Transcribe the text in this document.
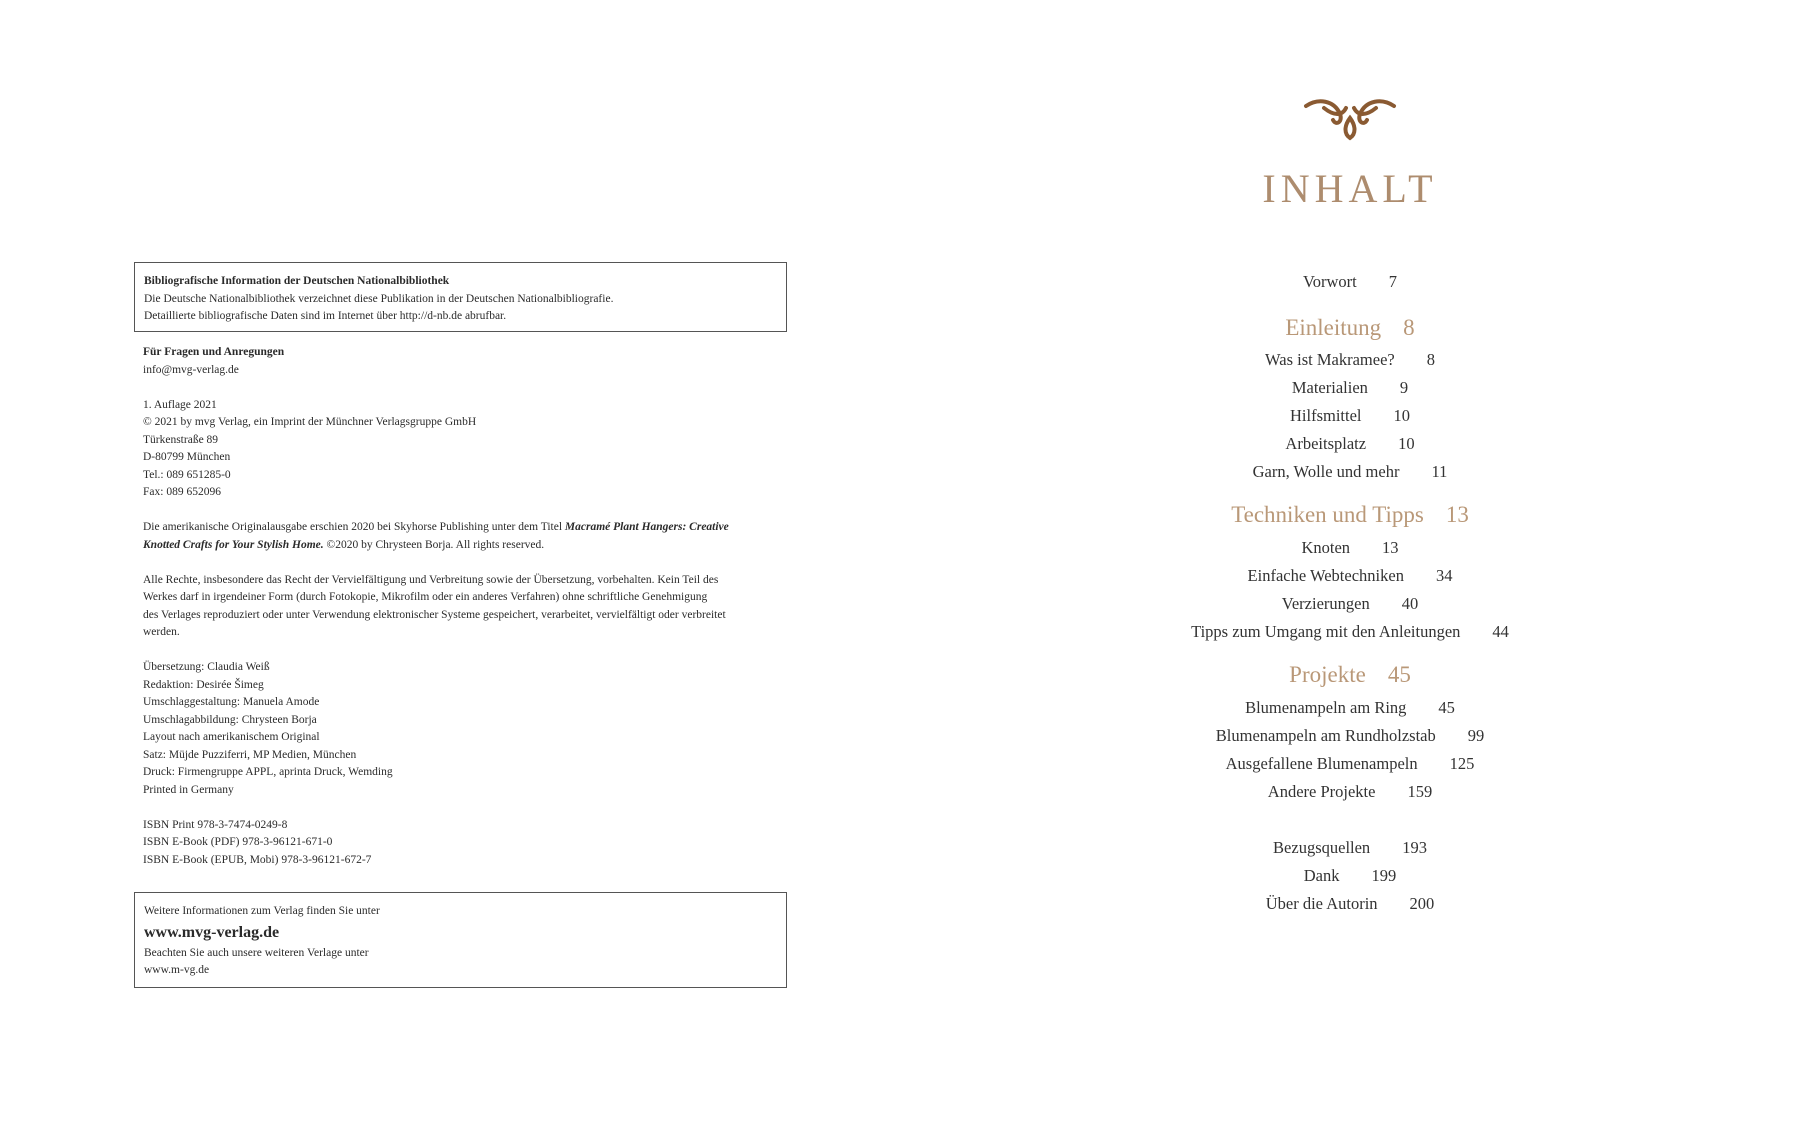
Bibliografische Information der Deutschen Nationalbibliothek
Die Deutsche Nationalbibliothek verzeichnet diese Publikation in der Deutschen Nationalbibliografie.
Detaillierte bibliografische Daten sind im Internet über http://d-nb.de abrufbar.
Für Fragen und Anregungen
info@mvg-verlag.de
1. Auflage 2021
© 2021 by mvg Verlag, ein Imprint der Münchner Verlagsgruppe GmbH
Türkenstraße 89
D-80799 München
Tel.: 089 651285-0
Fax: 089 652096
Die amerikanische Originalausgabe erschien 2020 bei Skyhorse Publishing unter dem Titel Macramé Plant Hangers: Creative
Knotted Crafts for Your Stylish Home. ©2020 by Chrysteen Borja. All rights reserved.
Alle Rechte, insbesondere das Recht der Vervielfältigung und Verbreitung sowie der Übersetzung, vorbehalten. Kein Teil des
Werkes darf in irgendeiner Form (durch Fotokopie, Mikrofilm oder ein anderes Verfahren) ohne schriftliche Genehmigung
des Verlages reproduziert oder unter Verwendung elektronischer Systeme gespeichert, verarbeitet, vervielfältigt oder verbreitet
werden.
Übersetzung: Claudia Weiß
Redaktion: Desirée Šimeg
Umschlaggestaltung: Manuela Amode
Umschlagabbildung: Chrysteen Borja
Layout nach amerikanischem Original
Satz: Müjde Puzziferri, MP Medien, München
Druck: Firmengruppe APPL, aprinta Druck, Wemding
Printed in Germany
ISBN Print 978-3-7474-0249-8
ISBN E-Book (PDF) 978-3-96121-671-0
ISBN E-Book (EPUB, Mobi) 978-3-96121-672-7
Weitere Informationen zum Verlag finden Sie unter
www.mvg-verlag.de
Beachten Sie auch unsere weiteren Verlage unter
www.m-vg.de
INHALT
Vorwort 7
Einleitung 8
Was ist Makramee? 8
Materialien 9
Hilfsmittel 10
Arbeitsplatz 10
Garn, Wolle und mehr 11
Techniken und Tipps 13
Knoten 13
Einfache Webtechniken 34
Verzierungen 40
Tipps zum Umgang mit den Anleitungen 44
Projekte 45
Blumenampeln am Ring 45
Blumenampeln am Rundholzstab 99
Ausgefallene Blumenampeln 125
Andere Projekte 159
Bezugsquellen 193
Dank 199
Über die Autorin 200
